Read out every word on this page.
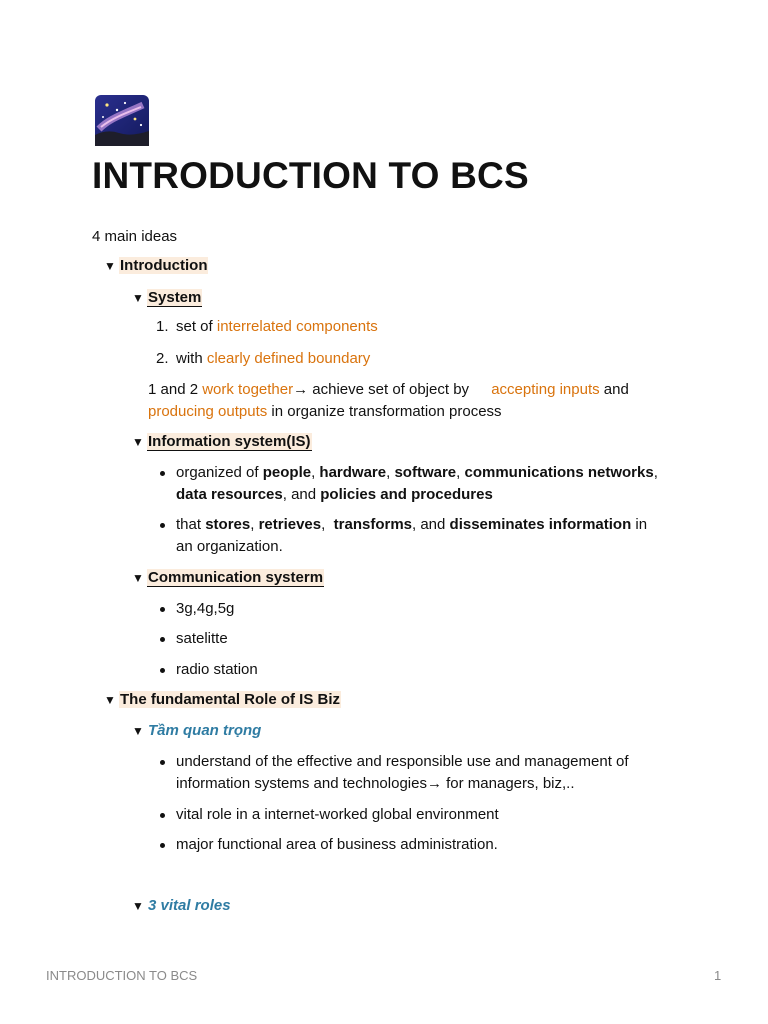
INTRODUCTION TO BCS
4 main ideas
▼ Introduction
▼ System
1. set of interrelated components
2. with clearly defined boundary
1 and 2 work together→ achieve set of object by accepting inputs and
producing outputs in organize transformation process
▼ Information system(IS)
organized of people, hardware, software, communications networks,
data resources, and policies and procedures
that stores, retrieves,  transforms, and disseminates information in
an organization.
▼ Communication systerm
3g,4g,5g
satelitte
radio station
▼ The fundamental Role of IS Biz
▼ Tầm quan trọng
understand of the effective and responsible use and management of
information systems and technologies→ for managers, biz,..
vital role in a internet-worked global environment
major functional area of business administration.
▼ 3 vital roles
INTRODUCTION TO BCS	1
